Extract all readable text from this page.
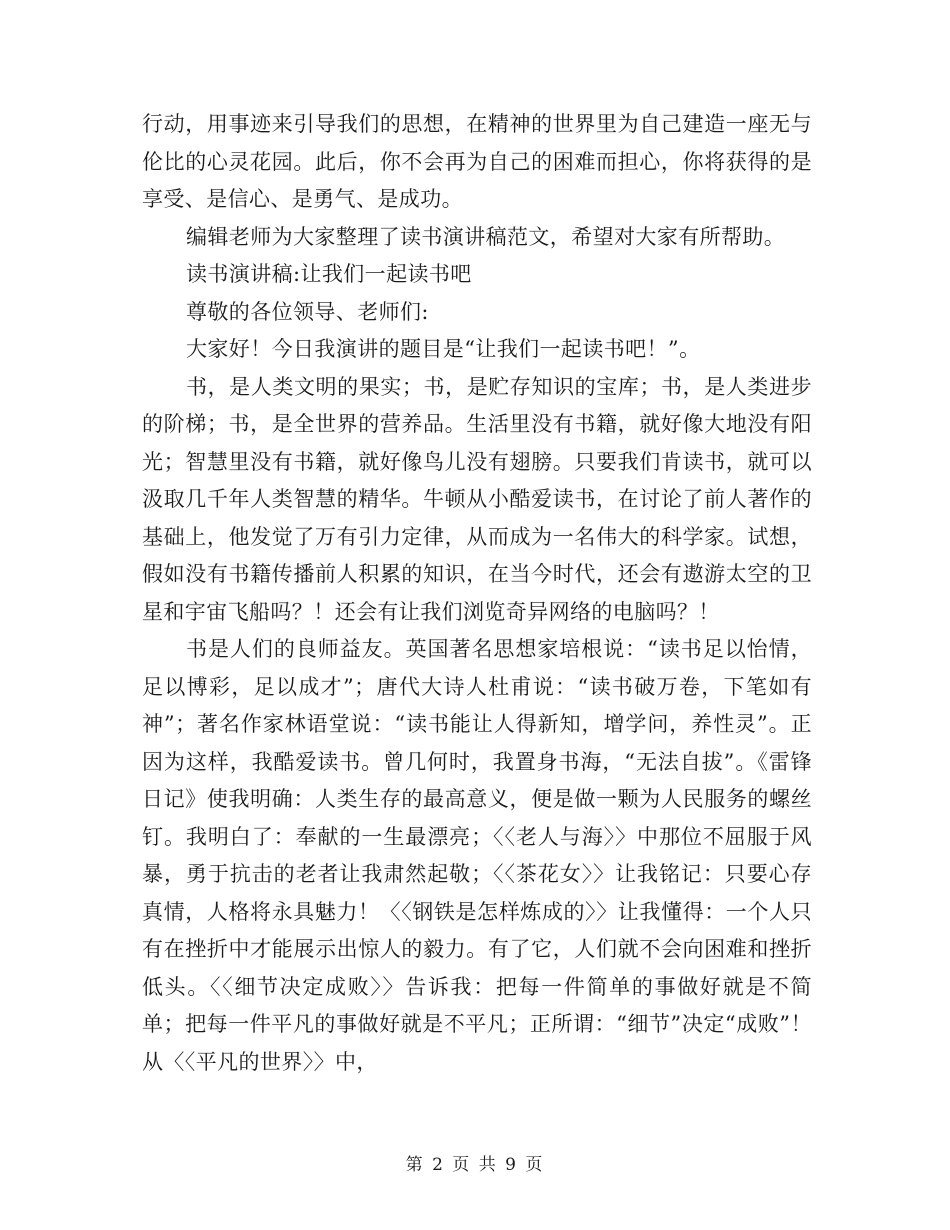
行动，用事迹来引导我们的思想，在精神的世界里为自己建造一座无与伦比的心灵花园。此后，你不会再为自己的困难而担心，你将获得的是享受、是信心、是勇气、是成功。

编辑老师为大家整理了读书演讲稿范文，希望对大家有所帮助。

读书演讲稿:让我们一起读书吧

尊敬的各位领导、老师们:

大家好！今日我演讲的题目是“让我们一起读书吧！”。

书，是人类文明的果实；书，是贮存知识的宝库；书，是人类进步的阶梯；书，是全世界的营养品。生活里没有书籍，就好像大地没有阳光；智慧里没有书籍，就好像鸟儿没有翅膀。只要我们肯读书，就可以汲取几千年人类智慧的精华。牛顿从小酷爱读书，在讨论了前人著作的基础上，他发觉了万有引力定律，从而成为一名伟大的科学家。试想，假如没有书籍传播前人积累的知识，在当今时代，还会有遨游太空的卫星和宇宙飞船吗？！还会有让我们浏览奇异网络的电脑吗？！

书是人们的良师益友。英国著名思想家培根说：“读书足以怡情，足以博彩，足以成才”；唐代大诗人杜甫说：“读书破万卷，下笔如有神”；著名作家林语堂说：“读书能让人得新知，增学问，养性灵”。正因为这样，我酷爱读书。曾几何时，我置身书海，“无法自拔”。《雷锋日记》使我明确：人类生存的最高意义，便是做一颗为人民服务的螺丝钉。我明白了：奉献的一生最漂亮；〈〈老人与海〉〉中那位不屈服于风暴，勇于抗击的老者让我肃然起敬；〈〈茶花女〉〉让我铭记：只要心存真情，人格将永具魅力！〈〈钢铁是怎样炼成的〉〉让我懂得：一个人只有在挫折中才能展示出惊人的毅力。有了它，人们就不会向困难和挫折低头。〈〈细节决定成败〉〉告诉我：把每一件简单的事做好就是不简单；把每一件平凡的事做好就是不平凡；正所谓：“细节”决定“成败”！从〈〈平凡的世界〉〉中，

第 2 页 共 9 页
